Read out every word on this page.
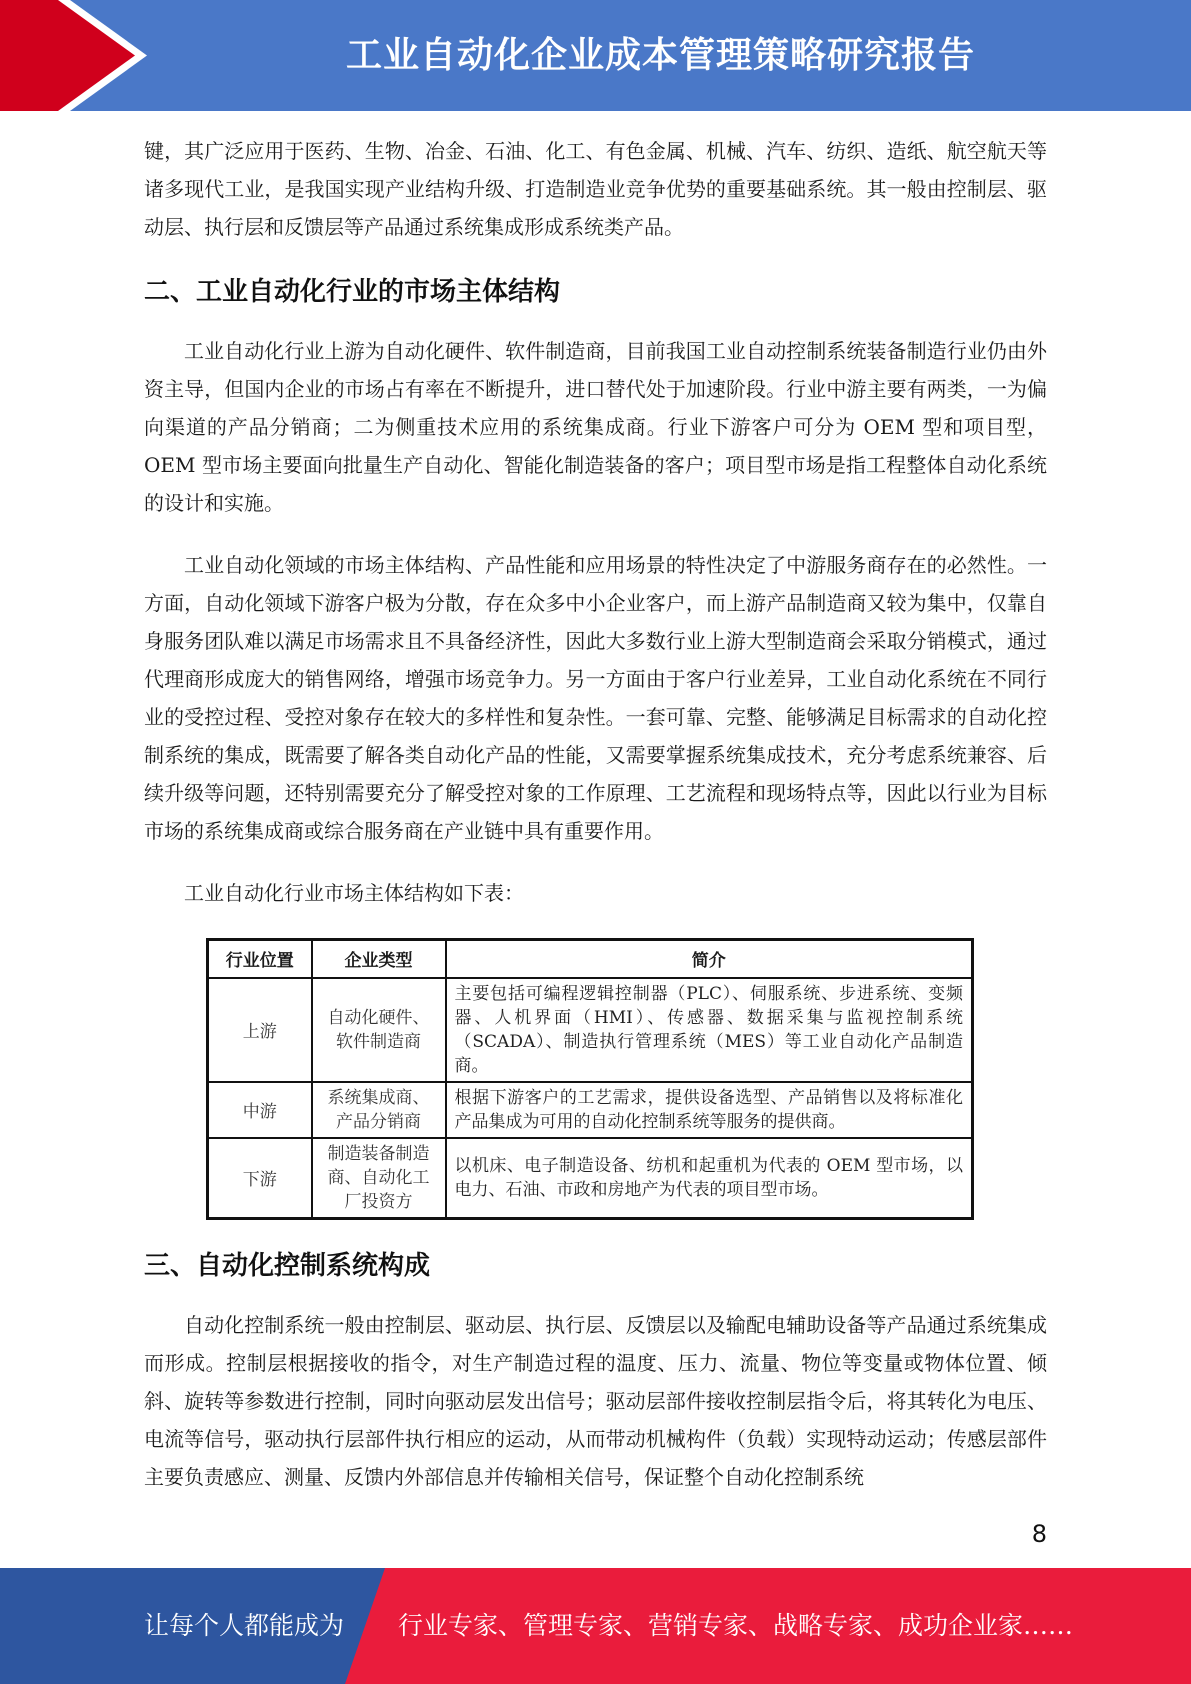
工业自动化企业成本管理策略研究报告

键，其广泛应用于医药、生物、冶金、石油、化工、有色金属、机械、汽车、纺织、造纸、航空航天等诸多现代工业，是我国实现产业结构升级、打造制造业竞争优势的重要基础系统。其一般由控制层、驱动层、执行层和反馈层等产品通过系统集成形成系统类产品。

二、工业自动化行业的市场主体结构

工业自动化行业上游为自动化硬件、软件制造商，目前我国工业自动控制系统装备制造行业仍由外资主导，但国内企业的市场占有率在不断提升，进口替代处于加速阶段。行业中游主要有两类，一为偏向渠道的产品分销商；二为侧重技术应用的系统集成商。行业下游客户可分为 OEM 型和项目型，OEM 型市场主要面向批量生产自动化、智能化制造装备的客户；项目型市场是指工程整体自动化系统的设计和实施。

工业自动化领域的市场主体结构、产品性能和应用场景的特性决定了中游服务商存在的必然性。一方面，自动化领域下游客户极为分散，存在众多中小企业客户，而上游产品制造商又较为集中，仅靠自身服务团队难以满足市场需求且不具备经济性，因此大多数行业上游大型制造商会采取分销模式，通过代理商形成庞大的销售网络，增强市场竞争力。另一方面由于客户行业差异，工业自动化系统在不同行业的受控过程、受控对象存在较大的多样性和复杂性。一套可靠、完整、能够满足目标需求的自动化控制系统的集成，既需要了解各类自动化产品的性能，又需要掌握系统集成技术，充分考虑系统兼容、后续升级等问题，还特别需要充分了解受控对象的工作原理、工艺流程和现场特点等，因此以行业为目标市场的系统集成商或综合服务商在产业链中具有重要作用。

工业自动化行业市场主体结构如下表：

行业位置	企业类型	简介
上游	自动化硬件、软件制造商	主要包括可编程逻辑控制器（PLC）、伺服系统、步进系统、变频器、人机界面（HMI）、传感器、数据采集与监视控制系统（SCADA）、制造执行管理系统（MES）等工业自动化产品制造商。
中游	系统集成商、产品分销商	根据下游客户的工艺需求，提供设备选型、产品销售以及将标准化产品集成为可用的自动化控制系统等服务的提供商。
下游	制造装备制造商、自动化工厂投资方	以机床、电子制造设备、纺机和起重机为代表的 OEM 型市场，以电力、石油、市政和房地产为代表的项目型市场。
三、自动化控制系统构成

自动化控制系统一般由控制层、驱动层、执行层、反馈层以及输配电辅助设备等产品通过系统集成而形成。控制层根据接收的指令，对生产制造过程的温度、压力、流量、物位等变量或物体位置、倾斜、旋转等参数进行控制，同时向驱动层发出信号；驱动层部件接收控制层指令后，将其转化为电压、电流等信号，驱动执行层部件执行相应的运动，从而带动机械构件（负载）实现特动运动；传感层部件主要负责感应、测量、反馈内外部信息并传输相关信号，保证整个自动化控制系统

8
让每个人都能成为 行业专家、管理专家、营销专家、战略专家、成功企业家……
